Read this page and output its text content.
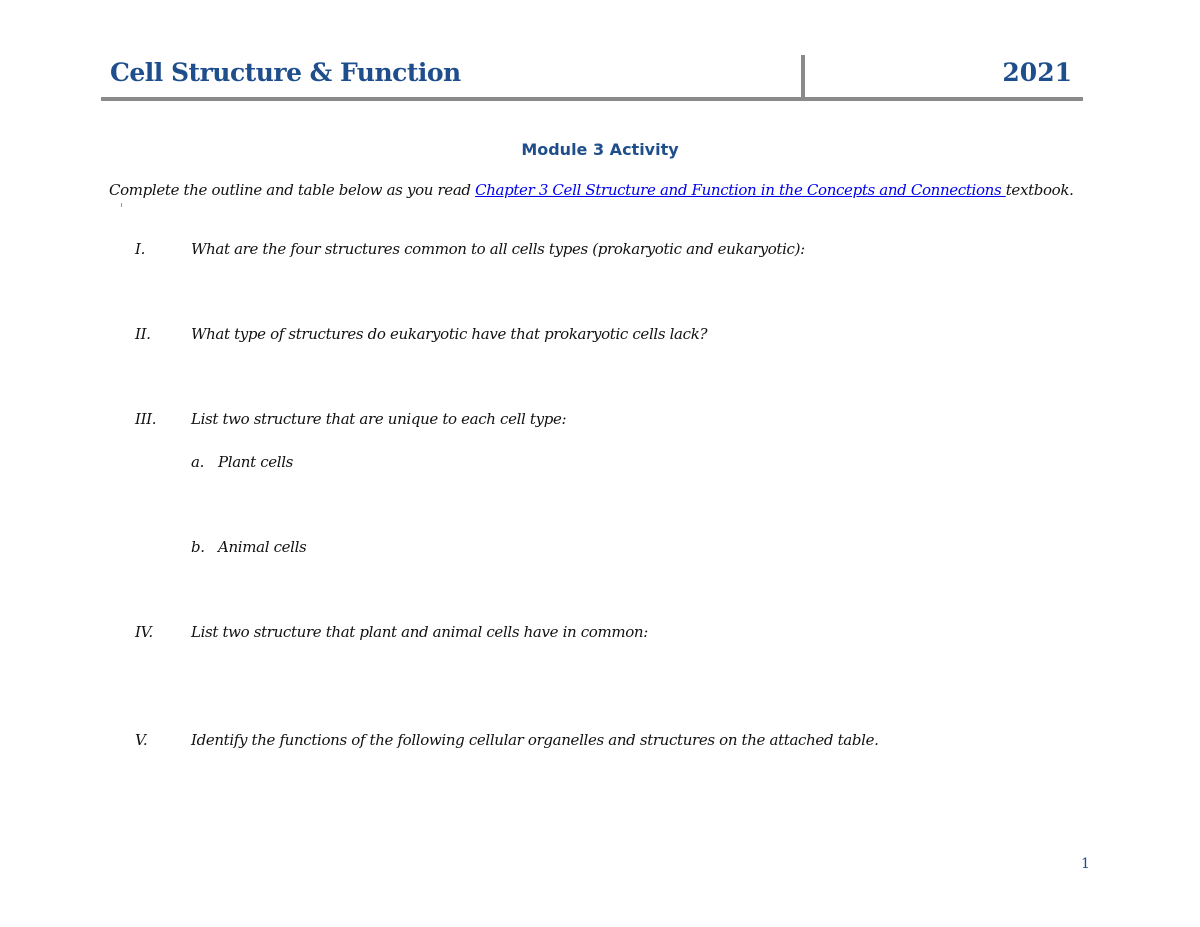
Cell Structure & Function	2021
Module 3 Activity
Complete the outline and table below as you read Chapter 3 Cell Structure and Function in the Concepts and Connections textbook.
I.	What are the four structures common to all cells types (prokaryotic and eukaryotic):
II.	What type of structures do eukaryotic have that prokaryotic cells lack?
III. List two structure that are unique to each cell type:
a. Plant cells
b. Animal cells
IV.	List two structure that plant and animal cells have in common:
V.	Identify the functions of the following cellular organelles and structures on the attached table.
1
